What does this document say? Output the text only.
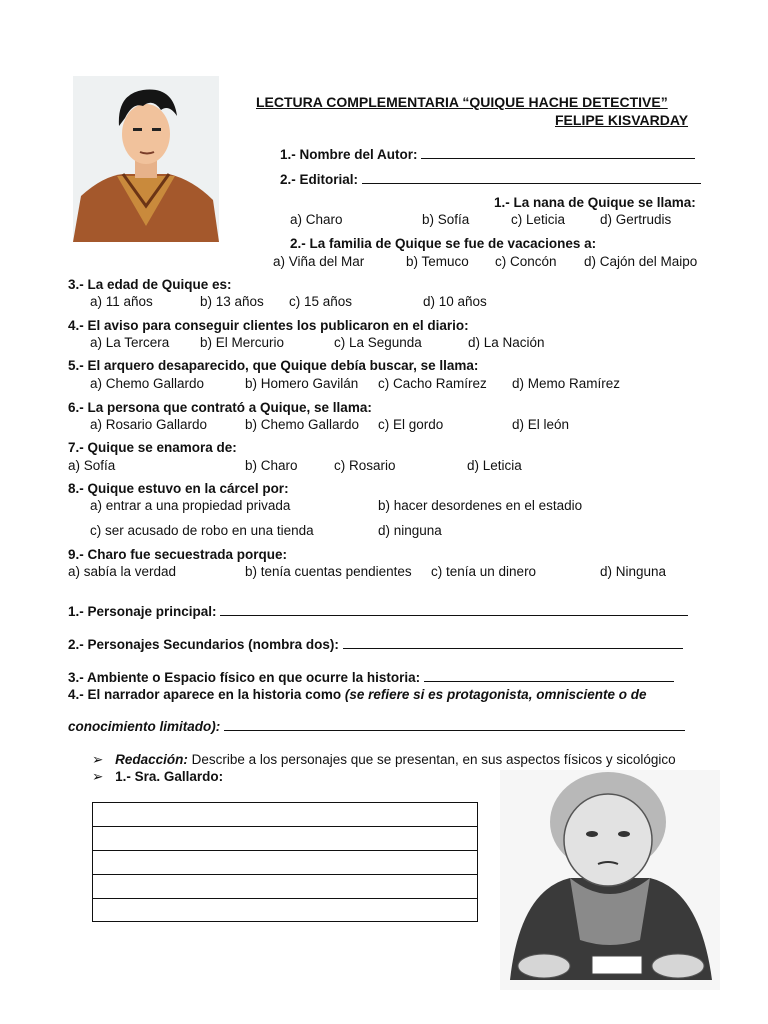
LECTURA COMPLEMENTARIA “QUIQUE HACHE DETECTIVE”
FELIPE KISVARDAY
1.- Nombre del Autor:
2.- Editorial:
1.- La nana de Quique se llama:
a) Charo	b) Sofía	c) Leticia	d) Gertrudis
2.- La familia de Quique se fue de vacaciones a:
a) Viña del Mar	b) Temuco c) Concón d) Cajón del Maipo
3.- La edad de Quique es:
a) 11 años	b) 13 años c) 15 años	d) 10 años
4.- El aviso para conseguir clientes los publicaron en el diario:
a) La Tercera b) El Mercurio	c) La Segunda	d) La Nación
5.- El arquero desaparecido, que Quique debía buscar, se llama:
a) Chemo Gallardo	b) Homero Gavilán c) Cacho Ramírez d) Memo Ramírez
6.- La persona que contrató a Quique, se llama:
a) Rosario Gallardo	b) Chemo Gallardo c) El gordo	d) El león
7.- Quique se enamora de:
a) Sofía	b) Charo	c) Rosario	d) Leticia
8.- Quique estuvo en la cárcel por:
a) entrar a una propiedad privada	b) hacer desordenes en el estadio
c) ser acusado de robo en una tienda	d) ninguna
9.- Charo fue secuestrada porque:
a) sabía la verdad	b) tenía cuentas pendientes c) tenía un dinero	d) Ninguna
1.- Personaje principal:
2.- Personajes Secundarios (nombra dos):
3.- Ambiente o Espacio físico en que ocurre la historia:
4.- El narrador aparece en la historia como (se refiere si es protagonista, omnisciente o de
conocimiento limitado):
➢ Redacción: Describe a los personajes que se presentan, en sus aspectos físicos y sicológico
➢ 1.- Sra. Gallardo:
